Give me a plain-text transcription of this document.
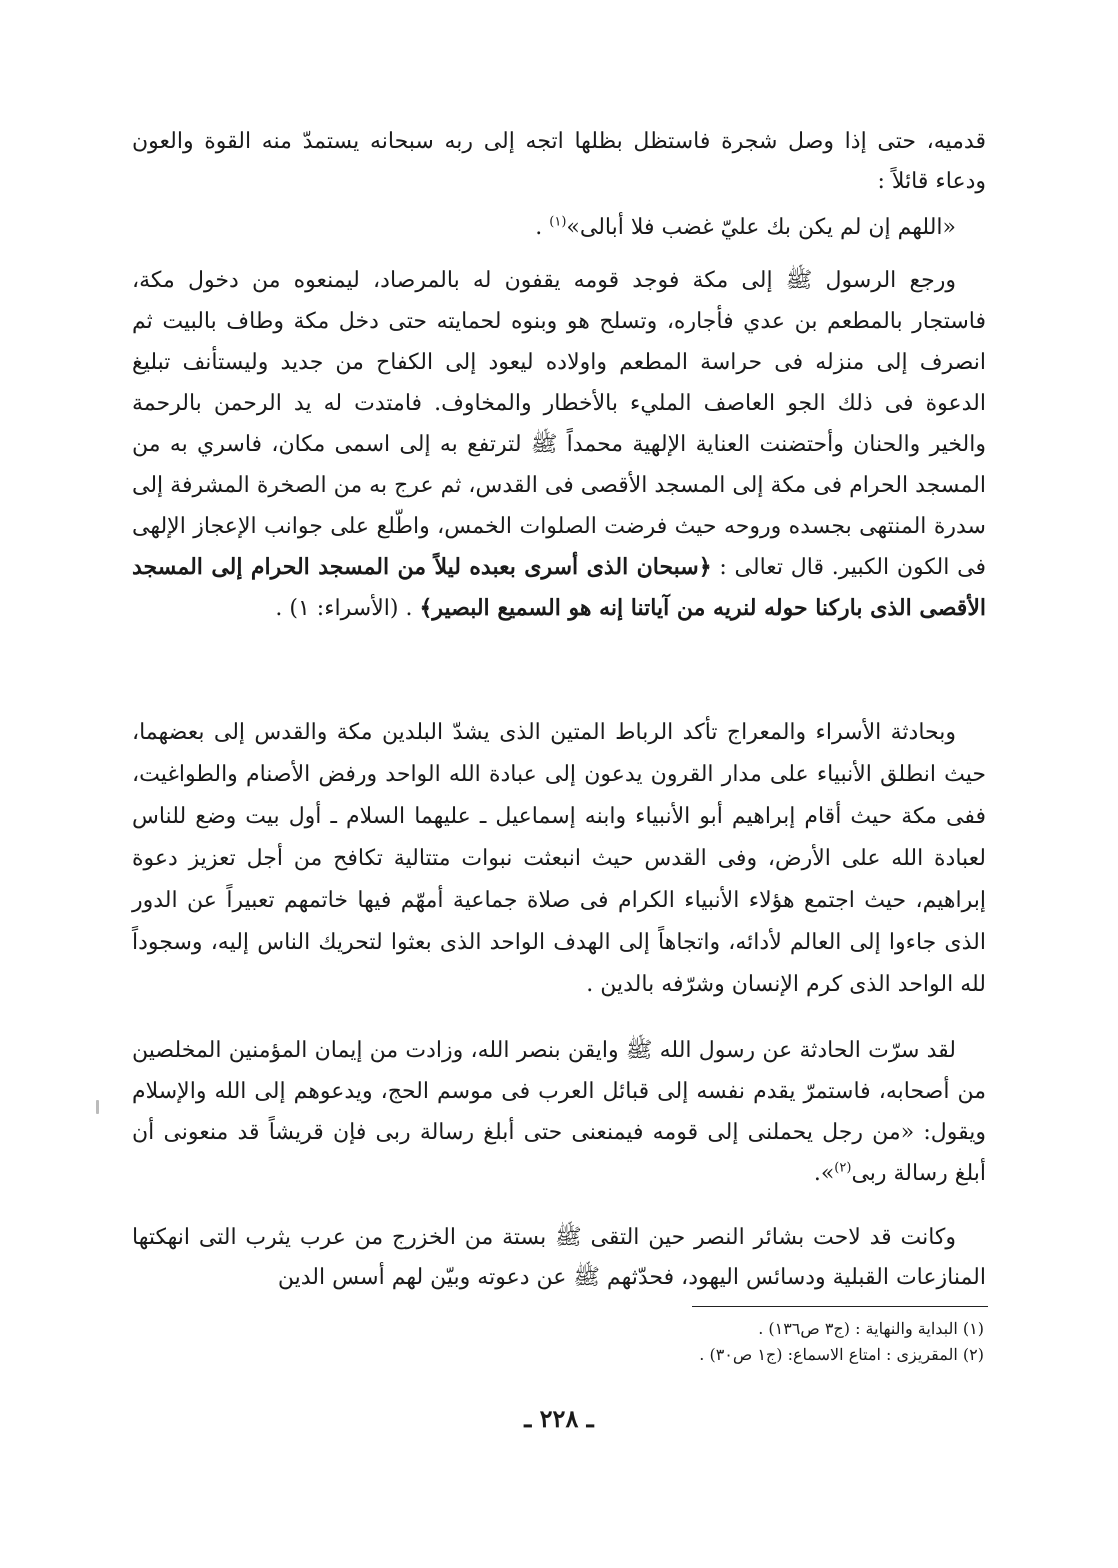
قدميه، حتى إذا وصل شجرة فاستظل بظلها اتجه إلى ربه سبحانه يستمدّ منه القوة والعون ودعاء قائلاً :

«اللهم إن لم يكن بك عليّ غضب فلا أبالى»$^{(١)}$ .

ورجع الرسول ﷺ إلى مكة فوجد قومه يقفون له بالمرصاد، ليمنعوه من دخول مكة، فاستجار بالمطعم بن عدي فأجاره، وتسلح هو وبنوه لحمايته حتى دخل مكة وطاف بالبيت ثم انصرف إلى منزله فى حراسة المطعم واولاده ليعود إلى الكفاح من جديد وليستأنف تبليغ الدعوة فى ذلك الجو العاصف المليء بالأخطار والمخاوف. فامتدت له يد الرحمن بالرحمة والخير والحنان وأحتضنت العناية الإلهية محمداً ﷺ لترتفع به إلى اسمى مكان، فاسري به من المسجد الحرام فى مكة إلى المسجد الأقصى فى القدس، ثم عرج به من الصخرة المشرفة إلى سدرة المنتهى بجسده وروحه حيث فرضت الصلوات الخمس، واطّلع على جوانب الإعجاز الإلهى فى الكون الكبير. قال تعالى : ﴿سبحان الذى أسرى بعبده ليلاً من المسجد الحرام إلى المسجد الأقصى الذى باركنا حوله لنريه من آياتنا إنه هو السميع البصير﴾ . (الأسراء: ١) .

وبحادثة الأسراء والمعراج تأكد الرباط المتين الذى يشدّ البلدين مكة والقدس إلى بعضهما، حيث انطلق الأنبياء على مدار القرون يدعون إلى عبادة الله الواحد ورفض الأصنام والطواغيت، ففى مكة حيث أقام إبراهيم أبو الأنبياء وابنه إسماعيل ـ عليهما السلام ـ أول بيت وضع للناس لعبادة الله على الأرض، وفى القدس حيث انبعثت نبوات متتالية تكافح من أجل تعزيز دعوة إبراهيم، حيث اجتمع هؤلاء الأنبياء الكرام فى صلاة جماعية أمهّم فيها خاتمهم تعبيراً عن الدور الذى جاءوا إلى العالم لأدائه، واتجاهاً إلى الهدف الواحد الذى بعثوا لتحريك الناس إليه، وسجوداً لله الواحد الذى كرم الإنسان وشرّفه بالدين .

لقد سرّت الحادثة عن رسول الله ﷺ وايقن بنصر الله، وزادت من إيمان المؤمنين المخلصين من أصحابه، فاستمرّ يقدم نفسه إلى قبائل العرب فى موسم الحج، ويدعوهم إلى الله والإسلام ويقول: «من رجل يحملنى إلى قومه فيمنعنى حتى أبلغ رسالة ربى فإن قريشاً قد منعونى أن أبلغ رسالة ربى$^{(٢)}$».

وكانت قد لاحت بشائر النصر حين التقى ﷺ بستة من الخزرج من عرب يثرب التى انهكتها المنازعات القبلية ودسائس اليهود، فحدّثهم ﷺ عن دعوته وبيّن لهم أسس الدين

(١) البداية والنهاية : (ج٣ ص١٣٦) .

(٢) المقريزى : امتاع الاسماع: (ج١ ص٣٠) .

ـ ٢٢٨ ـ
